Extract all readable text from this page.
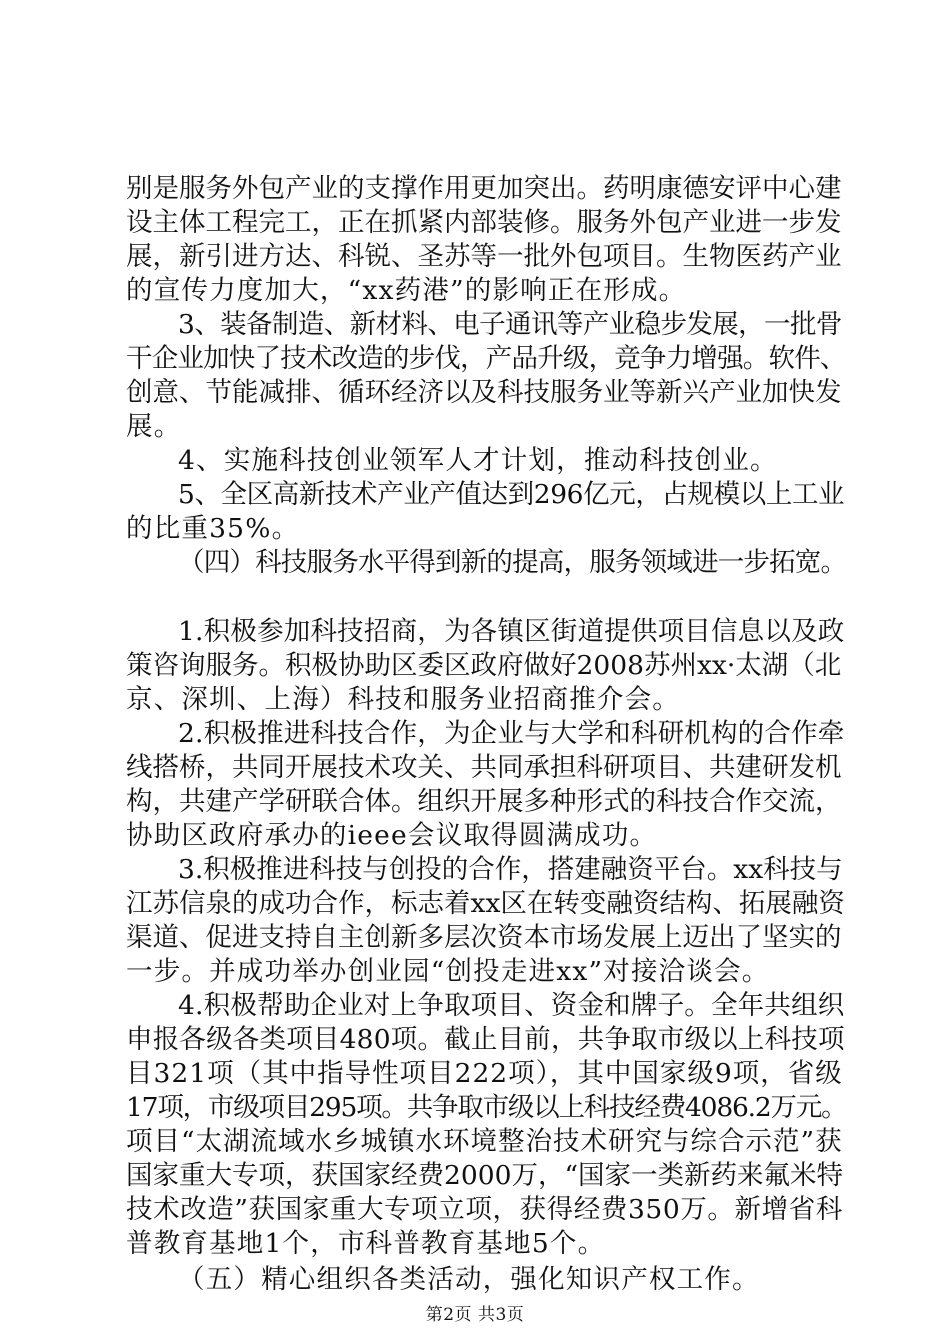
别是服务外包产业的支撑作用更加突出。药明康德安评中心建
设主体工程完工，正在抓紧内部装修。服务外包产业进一步发
展，新引进方达、科锐、圣苏等一批外包项目。生物医药产业
的宣传力度加大，“xx药港”的影响正在形成。
3、装备制造、新材料、电子通讯等产业稳步发展，一批骨
干企业加快了技术改造的步伐，产品升级，竞争力增强。软件、
创意、节能减排、循环经济以及科技服务业等新兴产业加快发
展。
4、实施科技创业领军人才计划，推动科技创业。
5、全区高新技术产业产值达到296亿元，占规模以上工业
的比重35%。
（四）科技服务水平得到新的提高，服务领域进一步拓宽。
1.积极参加科技招商，为各镇区街道提供项目信息以及政
策咨询服务。积极协助区委区政府做好2008苏州xx·太湖（北
京、深圳、上海）科技和服务业招商推介会。
2.积极推进科技合作，为企业与大学和科研机构的合作牵
线搭桥，共同开展技术攻关、共同承担科研项目、共建研发机
构，共建产学研联合体。组织开展多种形式的科技合作交流，
协助区政府承办的ieee会议取得圆满成功。
3.积极推进科技与创投的合作，搭建融资平台。xx科技与
江苏信泉的成功合作，标志着xx区在转变融资结构、拓展融资
渠道、促进支持自主创新多层次资本市场发展上迈出了坚实的
一步。并成功举办创业园“创投走进xx”对接洽谈会。
4.积极帮助企业对上争取项目、资金和牌子。全年共组织
申报各级各类项目480项。截止目前，共争取市级以上科技项
目321项（其中指导性项目222项），其中国家级9项，省级
17项，市级项目295项。共争取市级以上科技经费4086.2万元。
项目“太湖流域水乡城镇水环境整治技术研究与综合示范”获
国家重大专项，获国家经费2000万，“国家一类新药来氟米特
技术改造”获国家重大专项立项，获得经费350万。新增省科
普教育基地1个，市科普教育基地5个。
（五）精心组织各类活动，强化知识产权工作。
第2页 共3页
